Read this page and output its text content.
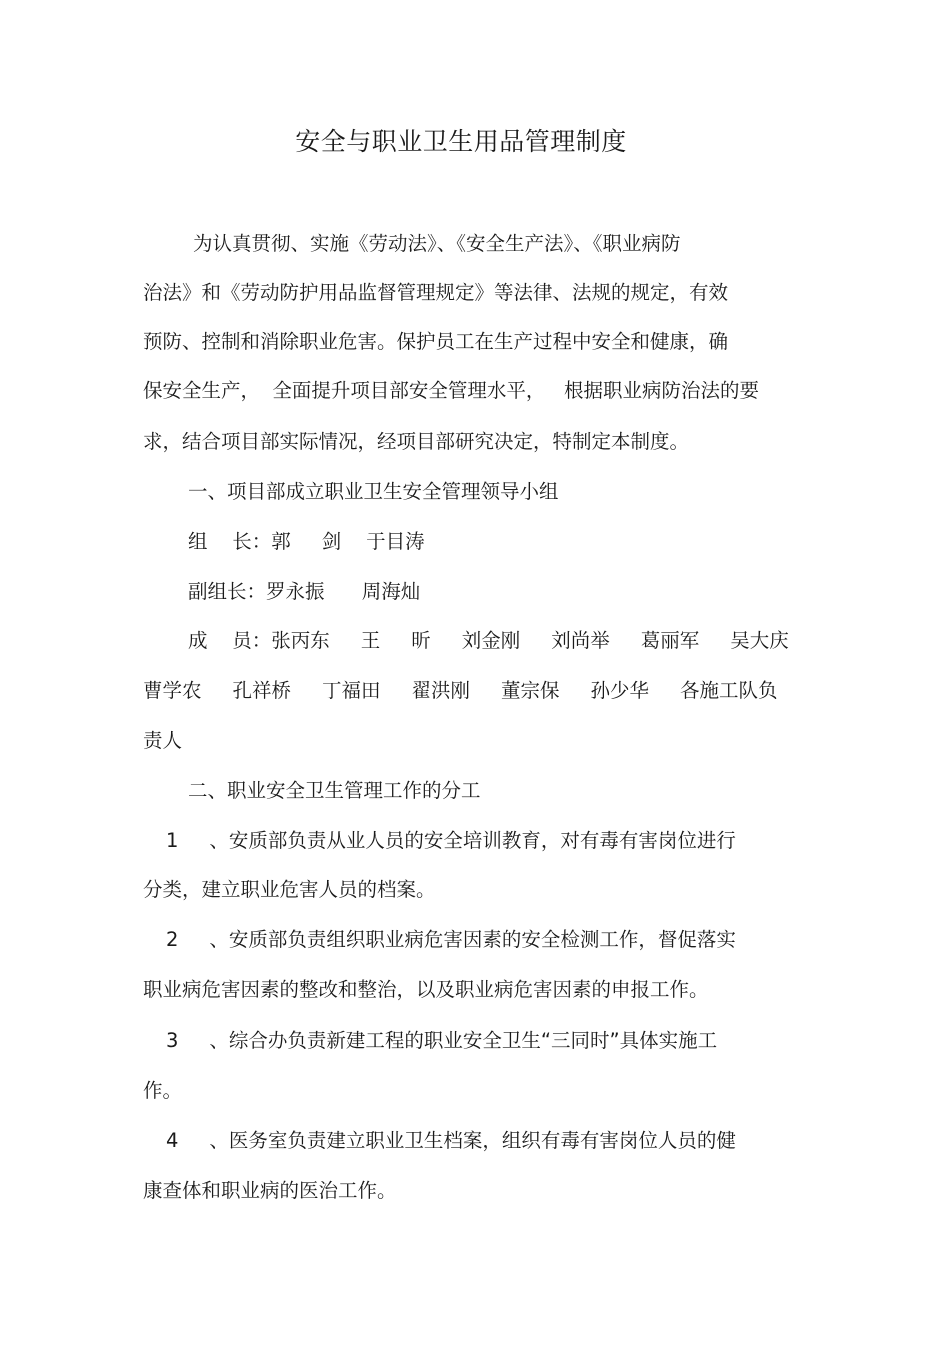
安全与职业卫生用品管理制度
为认真贯彻、实施《劳动法》、《安全生产法》、《职业病防
治法》和《劳动防护用品监督管理规定》等法律、法规的规定，有效
预防、控制和消除职业危害。保护员工在生产过程中安全和健康，确
保安全生产，  全面提升项目部安全管理水平，   根据职业病防治法的要
求，结合项目部实际情况，经项目部研究决定，特制定本制度。
一、项目部成立职业卫生安全管理领导小组
组    长：郭     剑    于目涛
副组长：罗永振      周海灿
成    员：张丙东     王     昕     刘金刚     刘尚举     葛丽军     吴大庆
曹学农     孔祥桥     丁福田     翟洪刚     董宗保     孙少华     各施工队负
责人
二、职业安全卫生管理工作的分工
1     、安质部负责从业人员的安全培训教育，对有毒有害岗位进行
分类，建立职业危害人员的档案。
2     、安质部负责组织职业病危害因素的安全检测工作，督促落实
职业病危害因素的整改和整治，以及职业病危害因素的申报工作。
3     、综合办负责新建工程的职业安全卫生“三同时”具体实施工
作。
4     、医务室负责建立职业卫生档案，组织有毒有害岗位人员的健
康查体和职业病的医治工作。
